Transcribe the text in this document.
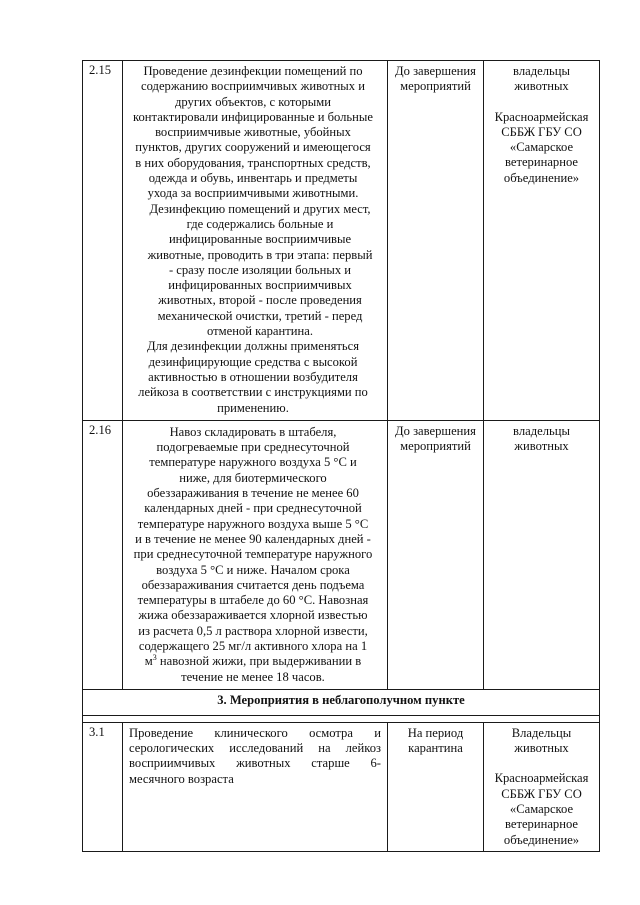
2.15	Проведение дезинфекции помещений по содержанию восприимчивых животных и других объектов, с которыми контактировали инфицированные и больные восприимчивые животные, убойных пунктов, других сооружений и имеющегося в них оборудования, транспортных средств, одежда и обувь, инвентарь и предметы ухода за восприимчивыми животными.
Дезинфекцию помещений и других мест, где содержались больные и инфицированные восприимчивые животные, проводить в три этапа: первый - сразу после изоляции больных и инфицированных восприимчивых животных, второй - после проведения механической очистки, третий - перед отменой карантина.
Для дезинфекции должны применяться дезинфицирующие средства с высокой активностью в отношении возбудителя лейкоза в соответствии с инструкциями по применению.	До завершения мероприятий	владельцы животных
Красноармейская СББЖ ГБУ СО «Самарское ветеринарное объединение»

2.16	Навоз складировать в штабеля, подогреваемые при среднесуточной температуре наружного воздуха 5 °С и ниже, для биотермического обеззараживания в течение не менее 60 календарных дней - при среднесуточной температуре наружного воздуха выше 5 °С и в течение не менее 90 календарных дней - при среднесуточной температуре наружного воздуха 5 °С и ниже. Началом срока обеззараживания считается день подъема температуры в штабеле до 60 °С. Навозная жижа обеззараживается хлорной известью из расчета 0,5 л раствора хлорной извести, содержащего 25 мг/л активного хлора на 1 $м^3$ навозной жижи, при выдерживании в течение не менее 18 часов.	До завершения мероприятий	владельцы животных

3. Мероприятия в неблагополучном пункте			

3.1	Проведение клинического осмотра и серологических исследований на лейкоз восприимчивых животных старше 6-месячного возраста	На период карантина	Владельцы животных
Красноармейская СББЖ ГБУ СО «Самарское ветеринарное объединение»
